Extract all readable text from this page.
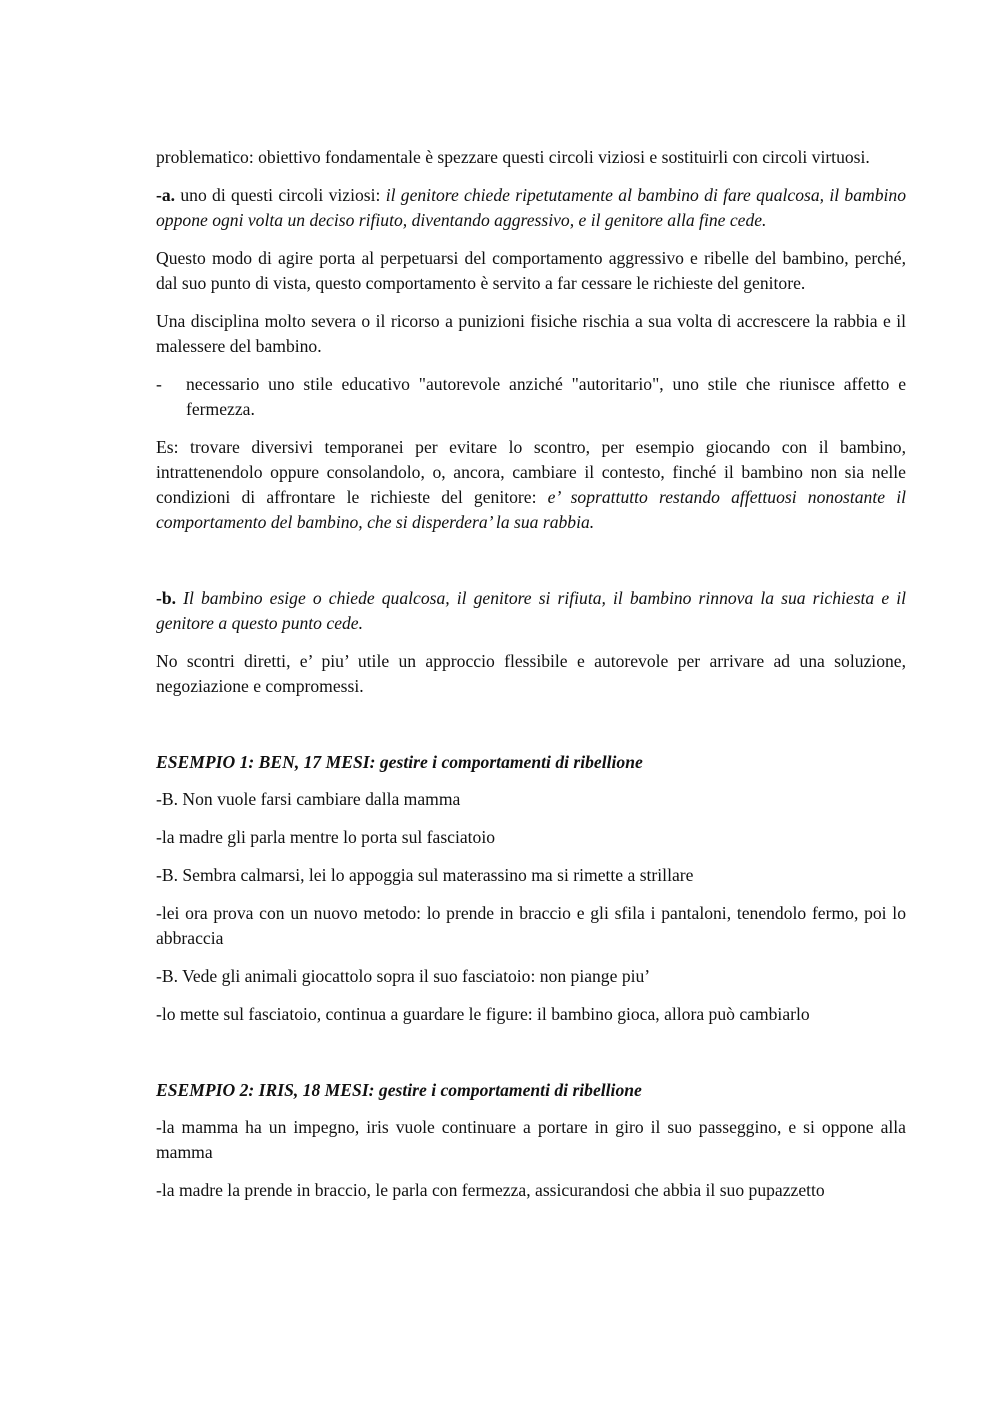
problematico: obiettivo fondamentale è spezzare questi circoli viziosi e sostituirli con circoli virtuosi.

-a. uno di questi circoli viziosi: il genitore chiede ripetutamente al bambino di fare qualcosa, il bambino oppone ogni volta un deciso rifiuto, diventando aggressivo, e il genitore alla fine cede.

Questo modo di agire porta al perpetuarsi del comportamento aggressivo e ribelle del bambino, perché, dal suo punto di vista, questo comportamento è servito a far cessare le richieste del genitore.

Una disciplina molto severa o il ricorso a punizioni fisiche rischia a sua volta di accrescere la rabbia e il malessere del bambino.

-	necessario uno stile educativo "autorevole anziché "autoritario", uno stile che riunisce affetto e fermezza.

Es: trovare diversivi temporanei per evitare lo scontro, per esempio giocando con il bambino, intrattenendolo oppure consolandolo, o, ancora, cambiare il contesto, finché il bambino non sia nelle condizioni di affrontare le richieste del genitore: e’ soprattutto restando affettuosi nonostante il comportamento del bambino, che si disperdera’ la sua rabbia.

-b. Il bambino esige o chiede qualcosa, il genitore si rifiuta, il bambino rinnova la sua richiesta e il genitore a questo punto cede.

No scontri diretti, e’ piu’ utile un approccio flessibile e autorevole per arrivare ad una soluzione, negoziazione e compromessi.

ESEMPIO 1: BEN, 17 MESI: gestire i comportamenti di ribellione

-B. Non vuole farsi cambiare dalla mamma
-la madre gli parla mentre lo porta sul fasciatoio
-B. Sembra calmarsi, lei lo appoggia sul materassino ma si rimette a strillare
-lei ora prova con un nuovo metodo: lo prende in braccio e gli sfila i pantaloni, tenendolo fermo, poi lo abbraccia
-B. Vede gli animali giocattolo sopra il suo fasciatoio: non piange piu’
-lo mette sul fasciatoio, continua a guardare le figure: il bambino gioca, allora può cambiarlo

ESEMPIO 2: IRIS, 18 MESI: gestire i comportamenti di ribellione

-la mamma ha un impegno, iris vuole continuare a portare in giro il suo passeggino, e si oppone alla mamma
-la madre la prende in braccio, le parla con fermezza, assicurandosi che abbia il suo pupazzetto
